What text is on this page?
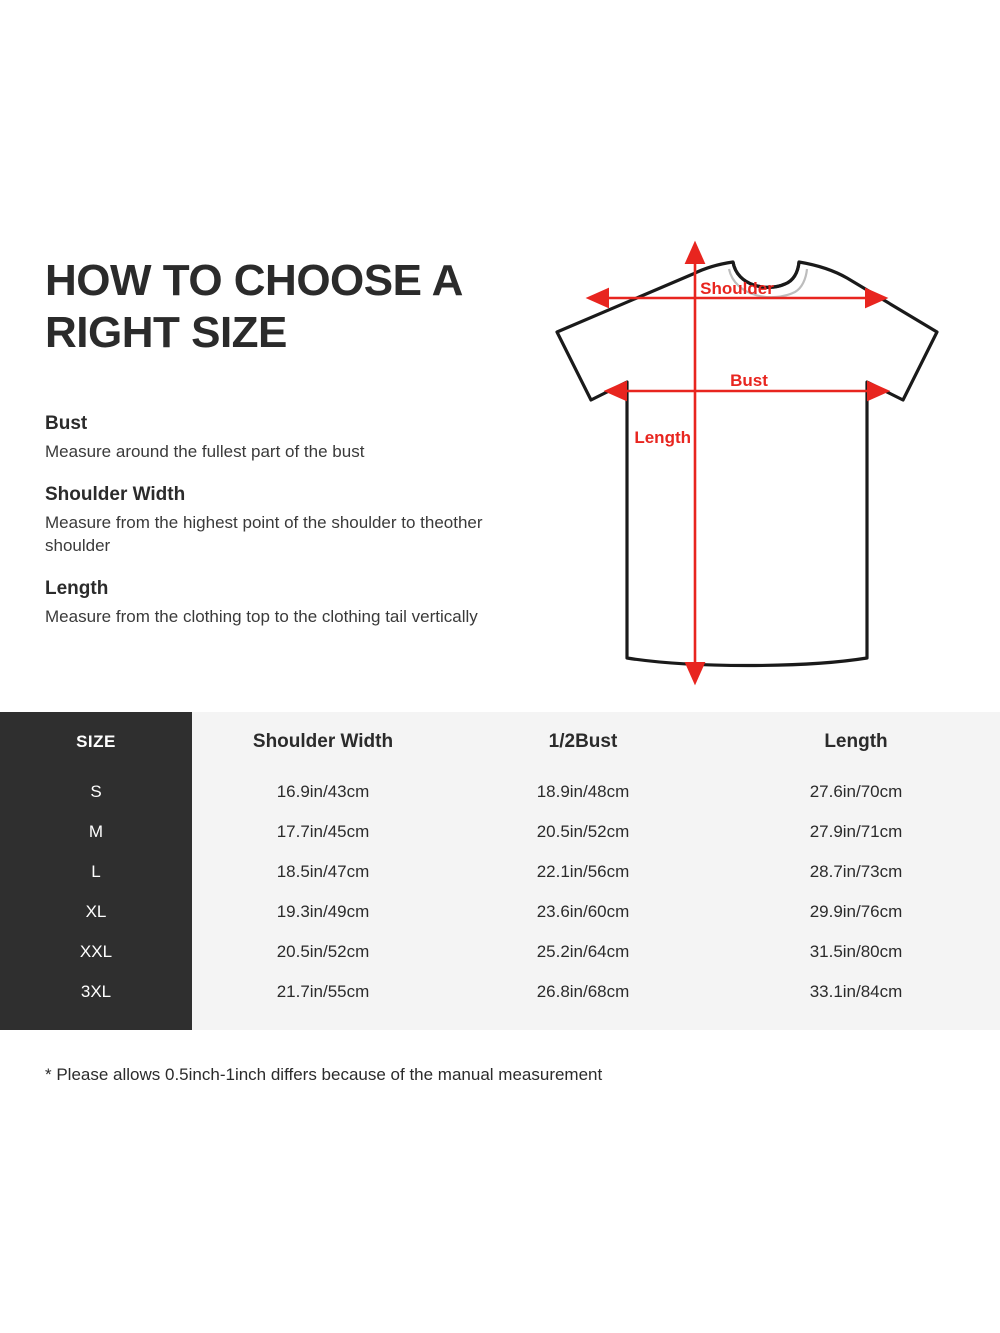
HOW TO CHOOSE A RIGHT SIZE
Bust
Measure around the fullest part of the bust
Shoulder Width
Measure from the highest point of the shoulder to theother shoulder
Length
Measure from the clothing top to the clothing tail vertically
Shoulder
Bust
Length
SIZE	Shoulder Width	1/2Bust	Length
S	16.9in/43cm	18.9in/48cm	27.6in/70cm
M	17.7in/45cm	20.5in/52cm	27.9in/71cm
L	18.5in/47cm	22.1in/56cm	28.7in/73cm
XL	19.3in/49cm	23.6in/60cm	29.9in/76cm
XXL	20.5in/52cm	25.2in/64cm	31.5in/80cm
3XL	21.7in/55cm	26.8in/68cm	33.1in/84cm
* Please allows 0.5inch-1inch differs because of the manual measurement
